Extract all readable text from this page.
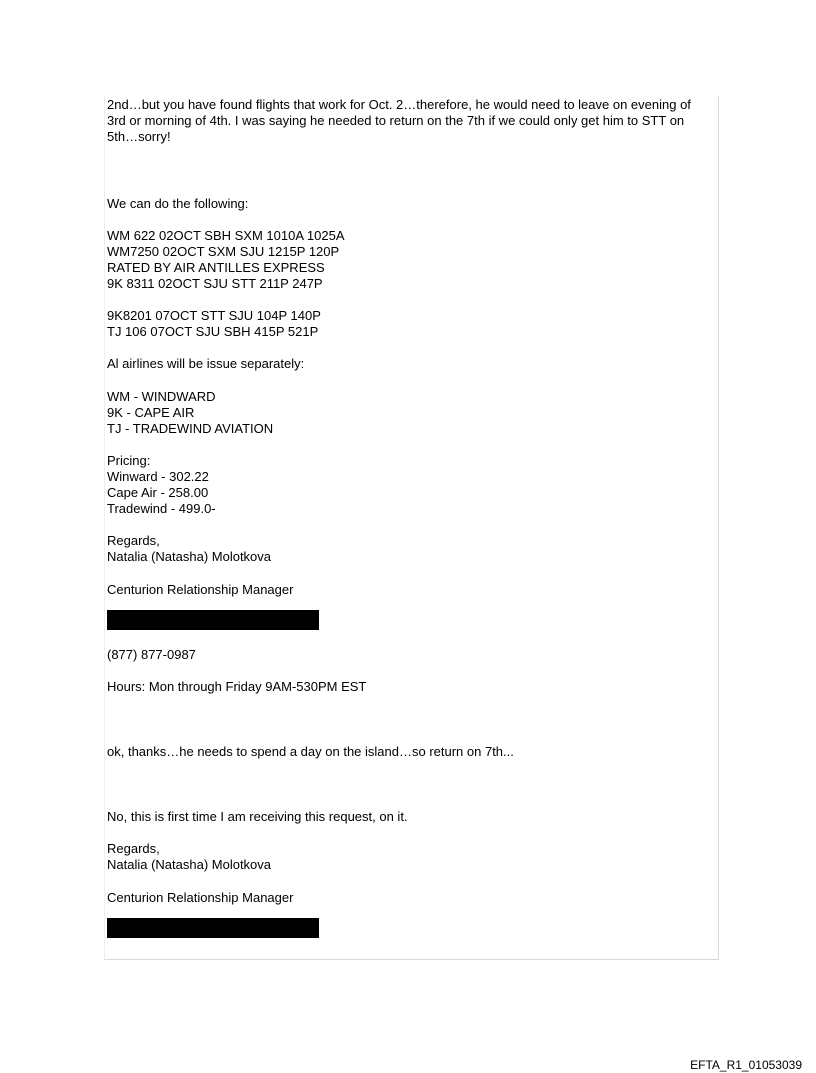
2nd…but you have found flights that work for Oct. 2…therefore, he would need to leave on evening of 3rd or morning of 4th. I was saying he needed to return on the 7th if we could only get him to STT on 5th…sorry!
We can do the following:
WM 622 02OCT SBH SXM 1010A 1025A
WM7250 02OCT SXM SJU 1215P 120P
RATED BY AIR ANTILLES EXPRESS
9K 8311 02OCT SJU STT 211P 247P
9K8201 07OCT STT SJU 104P 140P
TJ 106 07OCT SJU SBH 415P 521P
Al airlines will be issue separately:
WM - WINDWARD
9K - CAPE AIR
TJ - TRADEWIND AVIATION
Pricing:
Winward - 302.22
Cape Air - 258.00
Tradewind - 499.0-
Regards,
Natalia (Natasha) Molotkova
Centurion Relationship Manager
(877) 877-0987
Hours: Mon through Friday 9AM-530PM EST
ok, thanks…he needs to spend a day on the island…so return on 7th...
No, this is first time I am receiving this request, on it.
Regards,
Natalia (Natasha) Molotkova
Centurion Relationship Manager
EFTA_R1_01053039
